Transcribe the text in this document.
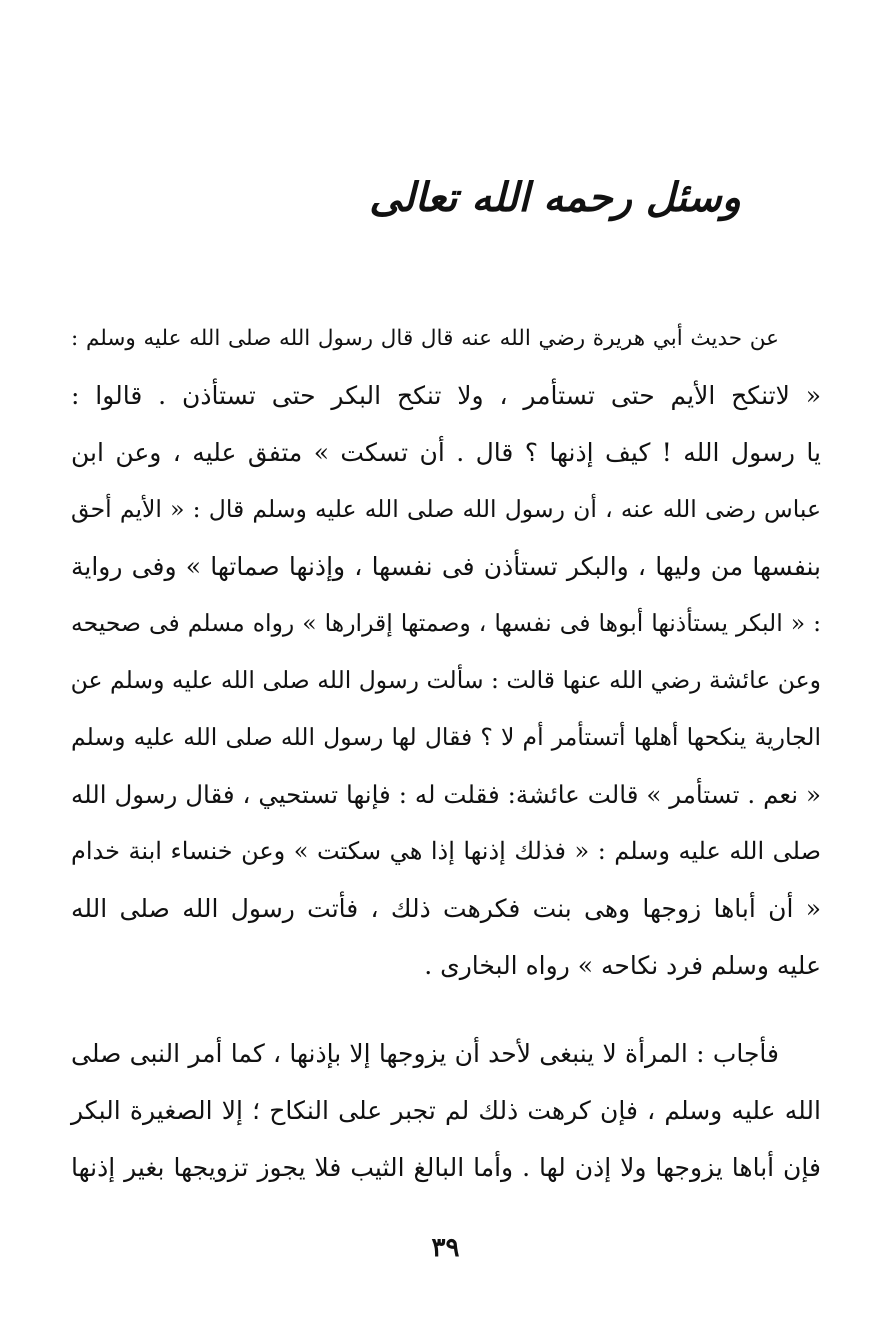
وسئل رحمه الله تعالى
عن حديث أبي هريرة رضي الله عنه قال قال رسول الله صلى الله عليه وسلم :
« لاتنكح الأيم حتى تستأمر ، ولا تنكح البكر حتى تستأذن . قالوا :
يا رسول الله ! كيف إذنها ؟ قال . أن تسكت » متفق عليه ، وعن ابن
عباس رضى الله عنه ، أن رسول الله صلى الله عليه وسلم قال : « الأيم أحق
بنفسها من وليها ، والبكر تستأذن فى نفسها ، وإذنها صماتها » وفى رواية
: « البكر يستأذنها أبوها فى نفسها ، وصمتها إقرارها » رواه مسلم فى صحيحه
وعن عائشة رضي الله عنها قالت : سألت رسول الله صلى الله عليه وسلم عن
الجارية ينكحها أهلها أتستأمر أم لا ؟ فقال لها رسول الله صلى الله عليه وسلم
« نعم . تستأمر » قالت عائشة: فقلت له : فإنها تستحيي ، فقال رسول الله
صلى الله عليه وسلم : « فذلك إذنها إذا هي سكتت » وعن خنساء ابنة خدام
« أن أباها زوجها وهى بنت فكرهت ذلك ، فأتت رسول الله صلى الله
عليه وسلم فرد نكاحه » رواه البخارى .
فأجاب : المرأة لا ينبغى لأحد أن يزوجها إلا بإذنها ، كما أمر النبى صلى
الله عليه وسلم ، فإن كرهت ذلك لم تجبر على النكاح ؛ إلا الصغيرة البكر
فإن أباها يزوجها ولا إذن لها . وأما البالغ الثيب فلا يجوز تزويجها بغير إذنها
٣٩
